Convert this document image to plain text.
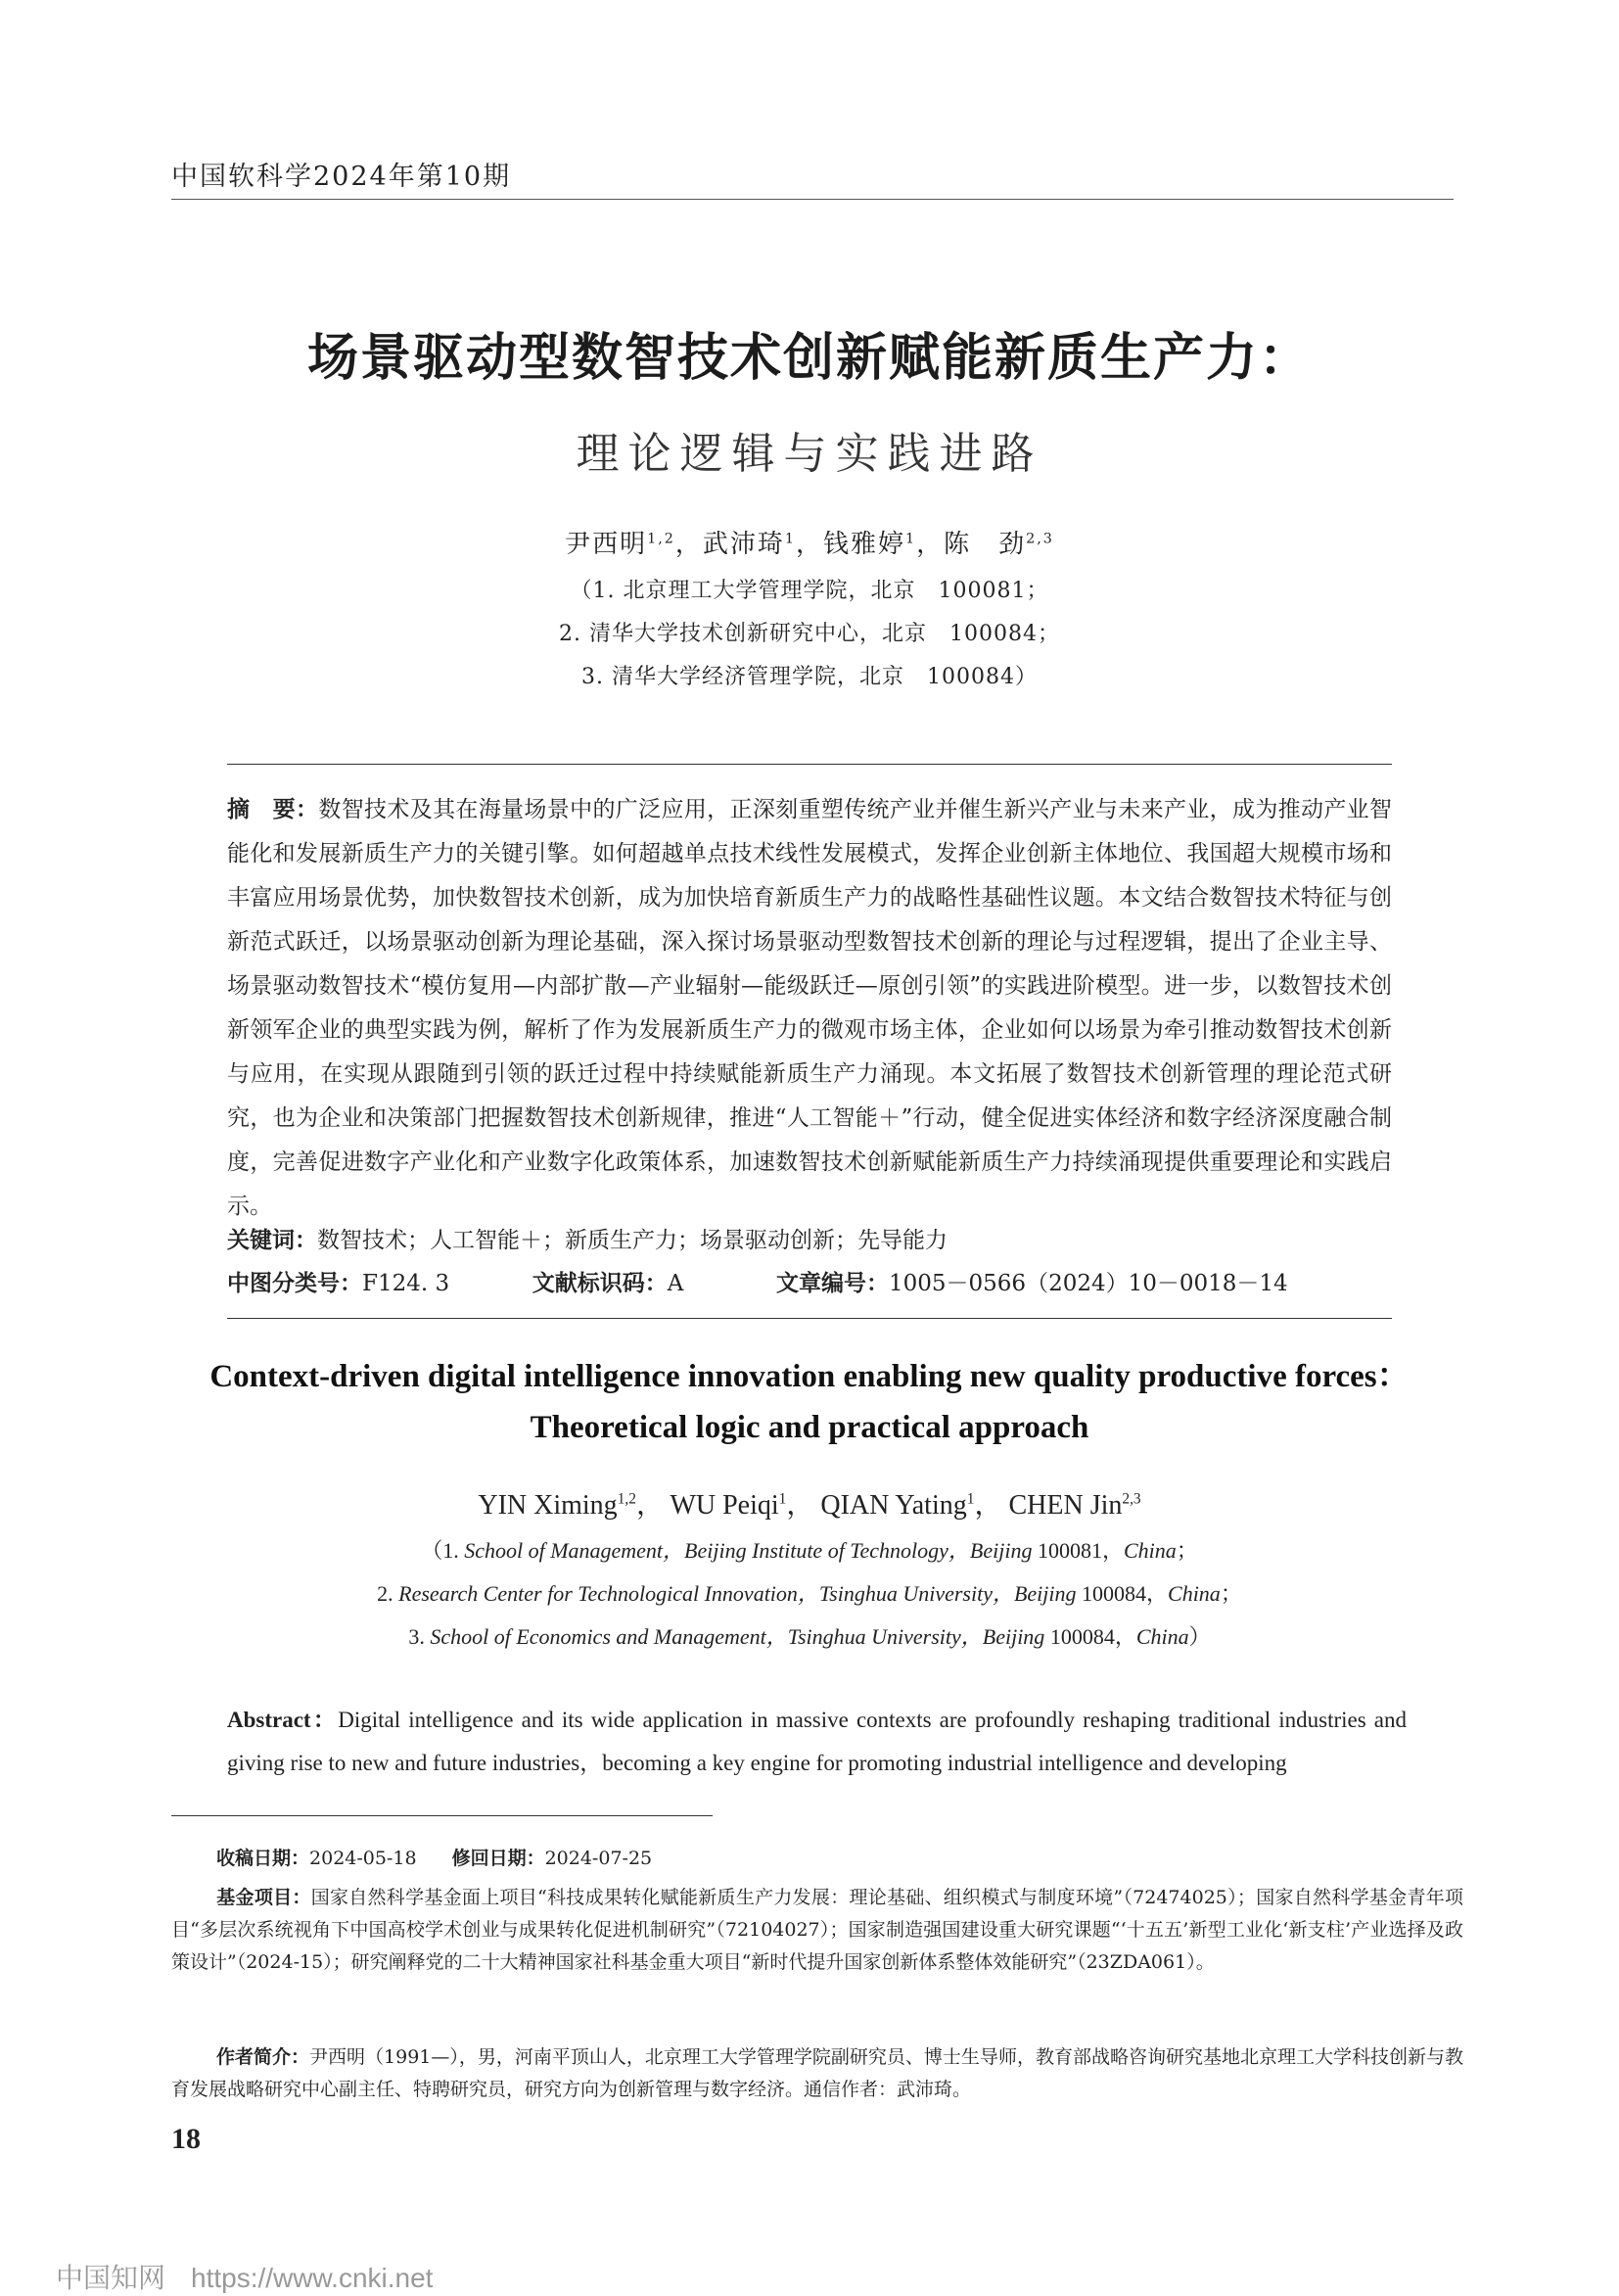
中国软科学2024年第10期
场景驱动型数智技术创新赋能新质生产力：
理论逻辑与实践进路
尹西明$^{1,2}$，武沛琦$^1$，钱雅婷$^1$，陈　劲$^{2,3}$
（1. 北京理工大学管理学院，北京　100081；
2. 清华大学技术创新研究中心，北京　100084；
3. 清华大学经济管理学院，北京　100084）
摘　要：数智技术及其在海量场景中的广泛应用，正深刻重塑传统产业并催生新兴产业与未来产业，成为推动产业智能化和发展新质生产力的关键引擎。如何超越单点技术线性发展模式，发挥企业创新主体地位、我国超大规模市场和丰富应用场景优势，加快数智技术创新，成为加快培育新质生产力的战略性基础性议题。本文结合数智技术特征与创新范式跃迁，以场景驱动创新为理论基础，深入探讨场景驱动型数智技术创新的理论与过程逻辑，提出了企业主导、场景驱动数智技术“模仿复用—内部扩散—产业辐射—能级跃迁—原创引领”的实践进阶模型。进一步，以数智技术创新领军企业的典型实践为例，解析了作为发展新质生产力的微观市场主体，企业如何以场景为牵引推动数智技术创新与应用，在实现从跟随到引领的跃迁过程中持续赋能新质生产力涌现。本文拓展了数智技术创新管理的理论范式研究，也为企业和决策部门把握数智技术创新规律，推进“人工智能＋”行动，健全促进实体经济和数字经济深度融合制度，完善促进数字产业化和产业数字化政策体系，加速数智技术创新赋能新质生产力持续涌现提供重要理论和实践启示。
关键词：数智技术；人工智能＋；新质生产力；场景驱动创新；先导能力
中图分类号：F124. 3	文献标识码：A	文章编号：1005－0566（2024）10－0018－14
Context-driven digital intelligence innovation enabling new quality productive forces：
Theoretical logic and practical approach
YIN Ximing$^{1,2}$， WU Peiqi$^1$， QIAN Yating$^1$， CHEN Jin$^{2,3}$
（1. School of Management，Beijing Institute of Technology，Beijing 100081，China；
2. Research Center for Technological Innovation，Tsinghua University，Beijing 100084，China；
3. School of Economics and Management，Tsinghua University，Beijing 100084，China）
Abstract：Digital intelligence and its wide application in massive contexts are profoundly reshaping traditional industries and giving rise to new and future industries，becoming a key engine for promoting industrial intelligence and developing
收稿日期：2024-05-18 修回日期：2024-07-25
基金项目：国家自然科学基金面上项目“科技成果转化赋能新质生产力发展：理论基础、组织模式与制度环境”（72474025）；国家自然科学基金青年项目“多层次系统视角下中国高校学术创业与成果转化促进机制研究”（72104027）；国家制造强国建设重大研究课题“‘十五五’新型工业化‘新支柱’产业选择及政策设计”（2024-15）；研究阐释党的二十大精神国家社科基金重大项目“新时代提升国家创新体系整体效能研究”（23ZDA061）。
作者简介：尹西明（1991—），男，河南平顶山人，北京理工大学管理学院副研究员、博士生导师，教育部战略咨询研究基地北京理工大学科技创新与教育发展战略研究中心副主任、特聘研究员，研究方向为创新管理与数字经济。通信作者：武沛琦。
18
中国知网 https://www.cnki.net
